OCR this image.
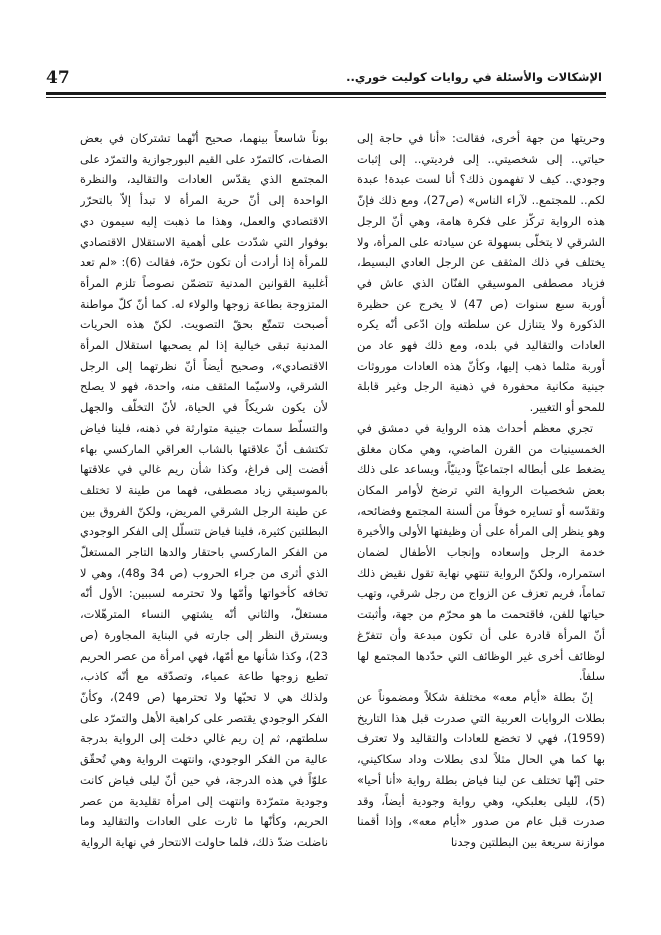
47	الإشكالات والأسئلة في روايات كوليت خوري..

وحريتها من جهة أخرى، فقالت: «أنا في حاجة إلى حياتي.. إلى شخصيتي.. إلى فرديتي.. إلى إثبات وجودي.. كيف لا تفهمون ذلك؟ أنا لست عبدة! عبدة لكم.. للمجتمع.. لآراء الناس» (ص27)، ومع ذلك فإنّ هذه الرواية تركّز على فكرة هامة، وهي أنّ الرجل الشرقي لا يتخلّى بسهولة عن سيادته على المرأة، ولا يختلف في ذلك المثقف عن الرجل العادي البسيط، فزياد مصطفى الموسيقي الفنّان الذي عاش في أوربة سبع سنوات (ص 47) لا يخرج عن حظيرة الذكورة ولا يتنازل عن سلطته وإن ادّعى أنّه يكره العادات والتقاليد في بلده، ومع ذلك فهو عاد من أوربة مثلما ذهب إليها، وكأنّ هذه العادات موروثات جينية مكانية محفورة في ذهنية الرجل وغير قابلة للمحو أو التغيير.

تجري معظم أحداث هذه الرواية في دمشق في الخمسينيات من القرن الماضي، وهي مكان مغلق يضغط على أبطاله اجتماعيّاً ودينيّاً، ويساعد على ذلك بعض شخصيات الرواية التي ترضخ لأوامر المكان وتقدّسه أو تسايره خوفاً من ألسنة المجتمع وفضائحه، وهو ينظر إلى المرأة على أن وظيفتها الأولى والأخيرة خدمة الرجل وإسعاده وإنجاب الأطفال لضمان استمراره، ولكنّ الرواية تنتهي نهاية تقول نقيض ذلك تماماً، فريم تعزف عن الزواج من رجل شرقي، وتهب حياتها للفن، فاقتحمت ما هو محرّم من جهة، وأثبتت أنّ المرأة قادرة على أن تكون مبدعة وأن تتفرّغ لوظائف أخرى غير الوظائف التي حدّدها المجتمع لها سلفاً.

إنّ بطلة «أيام معه» مختلفة شكلاً ومضموناً عن بطلات الروايات العربية التي صدرت قبل هذا التاريخ (1959)، فهي لا تخضع للعادات والتقاليد ولا تعترف بها كما هي الحال مثلاً لدى بطلات وداد سكاكيني، حتى إنّها تختلف عن لينا فياض بطلة رواية «أنا أحيا» (5)، لليلى بعلبكي، وهي رواية وجودية أيضاً، وقد صدرت قبل عام من صدور «أيام معه»، وإذا أقمنا موازنة سريعة بين البطلتين وجدنا

بوناً شاسعاً بينهما، صحيح أنّهما تشتركان في بعض الصفات، كالتمرّد على القيم البورجوازية والتمرّد على المجتمع الذي يقدّس العادات والتقاليد، والنظرة الواحدة إلى أنّ حرية المرأة لا تبدأ إلاّ بالتحرّر الاقتصادي والعمل، وهذا ما ذهبت إليه سيمون دي بوفوار التي شدّدت على أهمية الاستقلال الاقتصادي للمرأة إذا أرادت أن تكون حرّة، فقالت (6): «لم تعد أغلبية القوانين المدنية تتضمّن نصوصاً تلزم المرأة المتزوجة بطاعة زوجها والولاء له. كما أنّ كلّ مواطنة أصبحت تتمتّع بحقّ التصويت. لكنّ هذه الحريات المدنية تبقى خيالية إذا لم يصحبها استقلال المرأة الاقتصادي»، وصحيح أيضاً أنّ نظرتهما إلى الرجل الشرقي، ولاسيّما المثقف منه، واحدة، فهو لا يصلح لأن يكون شريكاً في الحياة، لأنّ التخلّف والجهل والتسلّط سمات جينية متوارثة في ذهنه، فلينا فياض تكتشف أنّ علاقتها بالشاب العراقي الماركسي بهاء أفضت إلى فراغ، وكذا شأن ريم غالي في علاقتها بالموسيقي زياد مصطفى، فهما من طينة لا تختلف عن طينة الرجل الشرقي المريض، ولكنّ الفروق بين البطلتين كثيرة، فلينا فياض تتسلّل إلى الفكر الوجودي من الفكر الماركسي باحتقار والدها التاجر المستغلّ الذي أثرى من جراء الحروب (ص 34 و48)، وهي لا تخافه كأخواتها وأمّها ولا تحترمه لسببين: الأول أنّه مستغلّ، والثاني أنّه يشتهي النساء المترهّلات، ويسترق النظر إلى جارته في البناية المجاورة (ص 23)، وكذا شأنها مع أمّها، فهي امرأة من عصر الحريم تطيع زوجها طاعة عمياء، وتصدّقه مع أنّه كاذب، ولذلك هي لا تحبّها ولا تحترمها (ص 249)، وكأنّ الفكر الوجودي يقتصر على كراهية الأهل والتمرّد على سلطتهم، ثم إن ريم غالي دخلت إلى الرواية بدرجة عالية من الفكر الوجودي، وانتهت الرواية وهي تُحقّق علوّاً في هذه الدرجة، في حين أنّ ليلى فياض كانت وجودية متمرّدة وانتهت إلى امرأة تقليدية من عصر الحريم، وكأنّها ما ثارت على العادات والتقاليد وما ناضلت ضدّ ذلك، فلما حاولت الانتحار في نهاية الرواية
